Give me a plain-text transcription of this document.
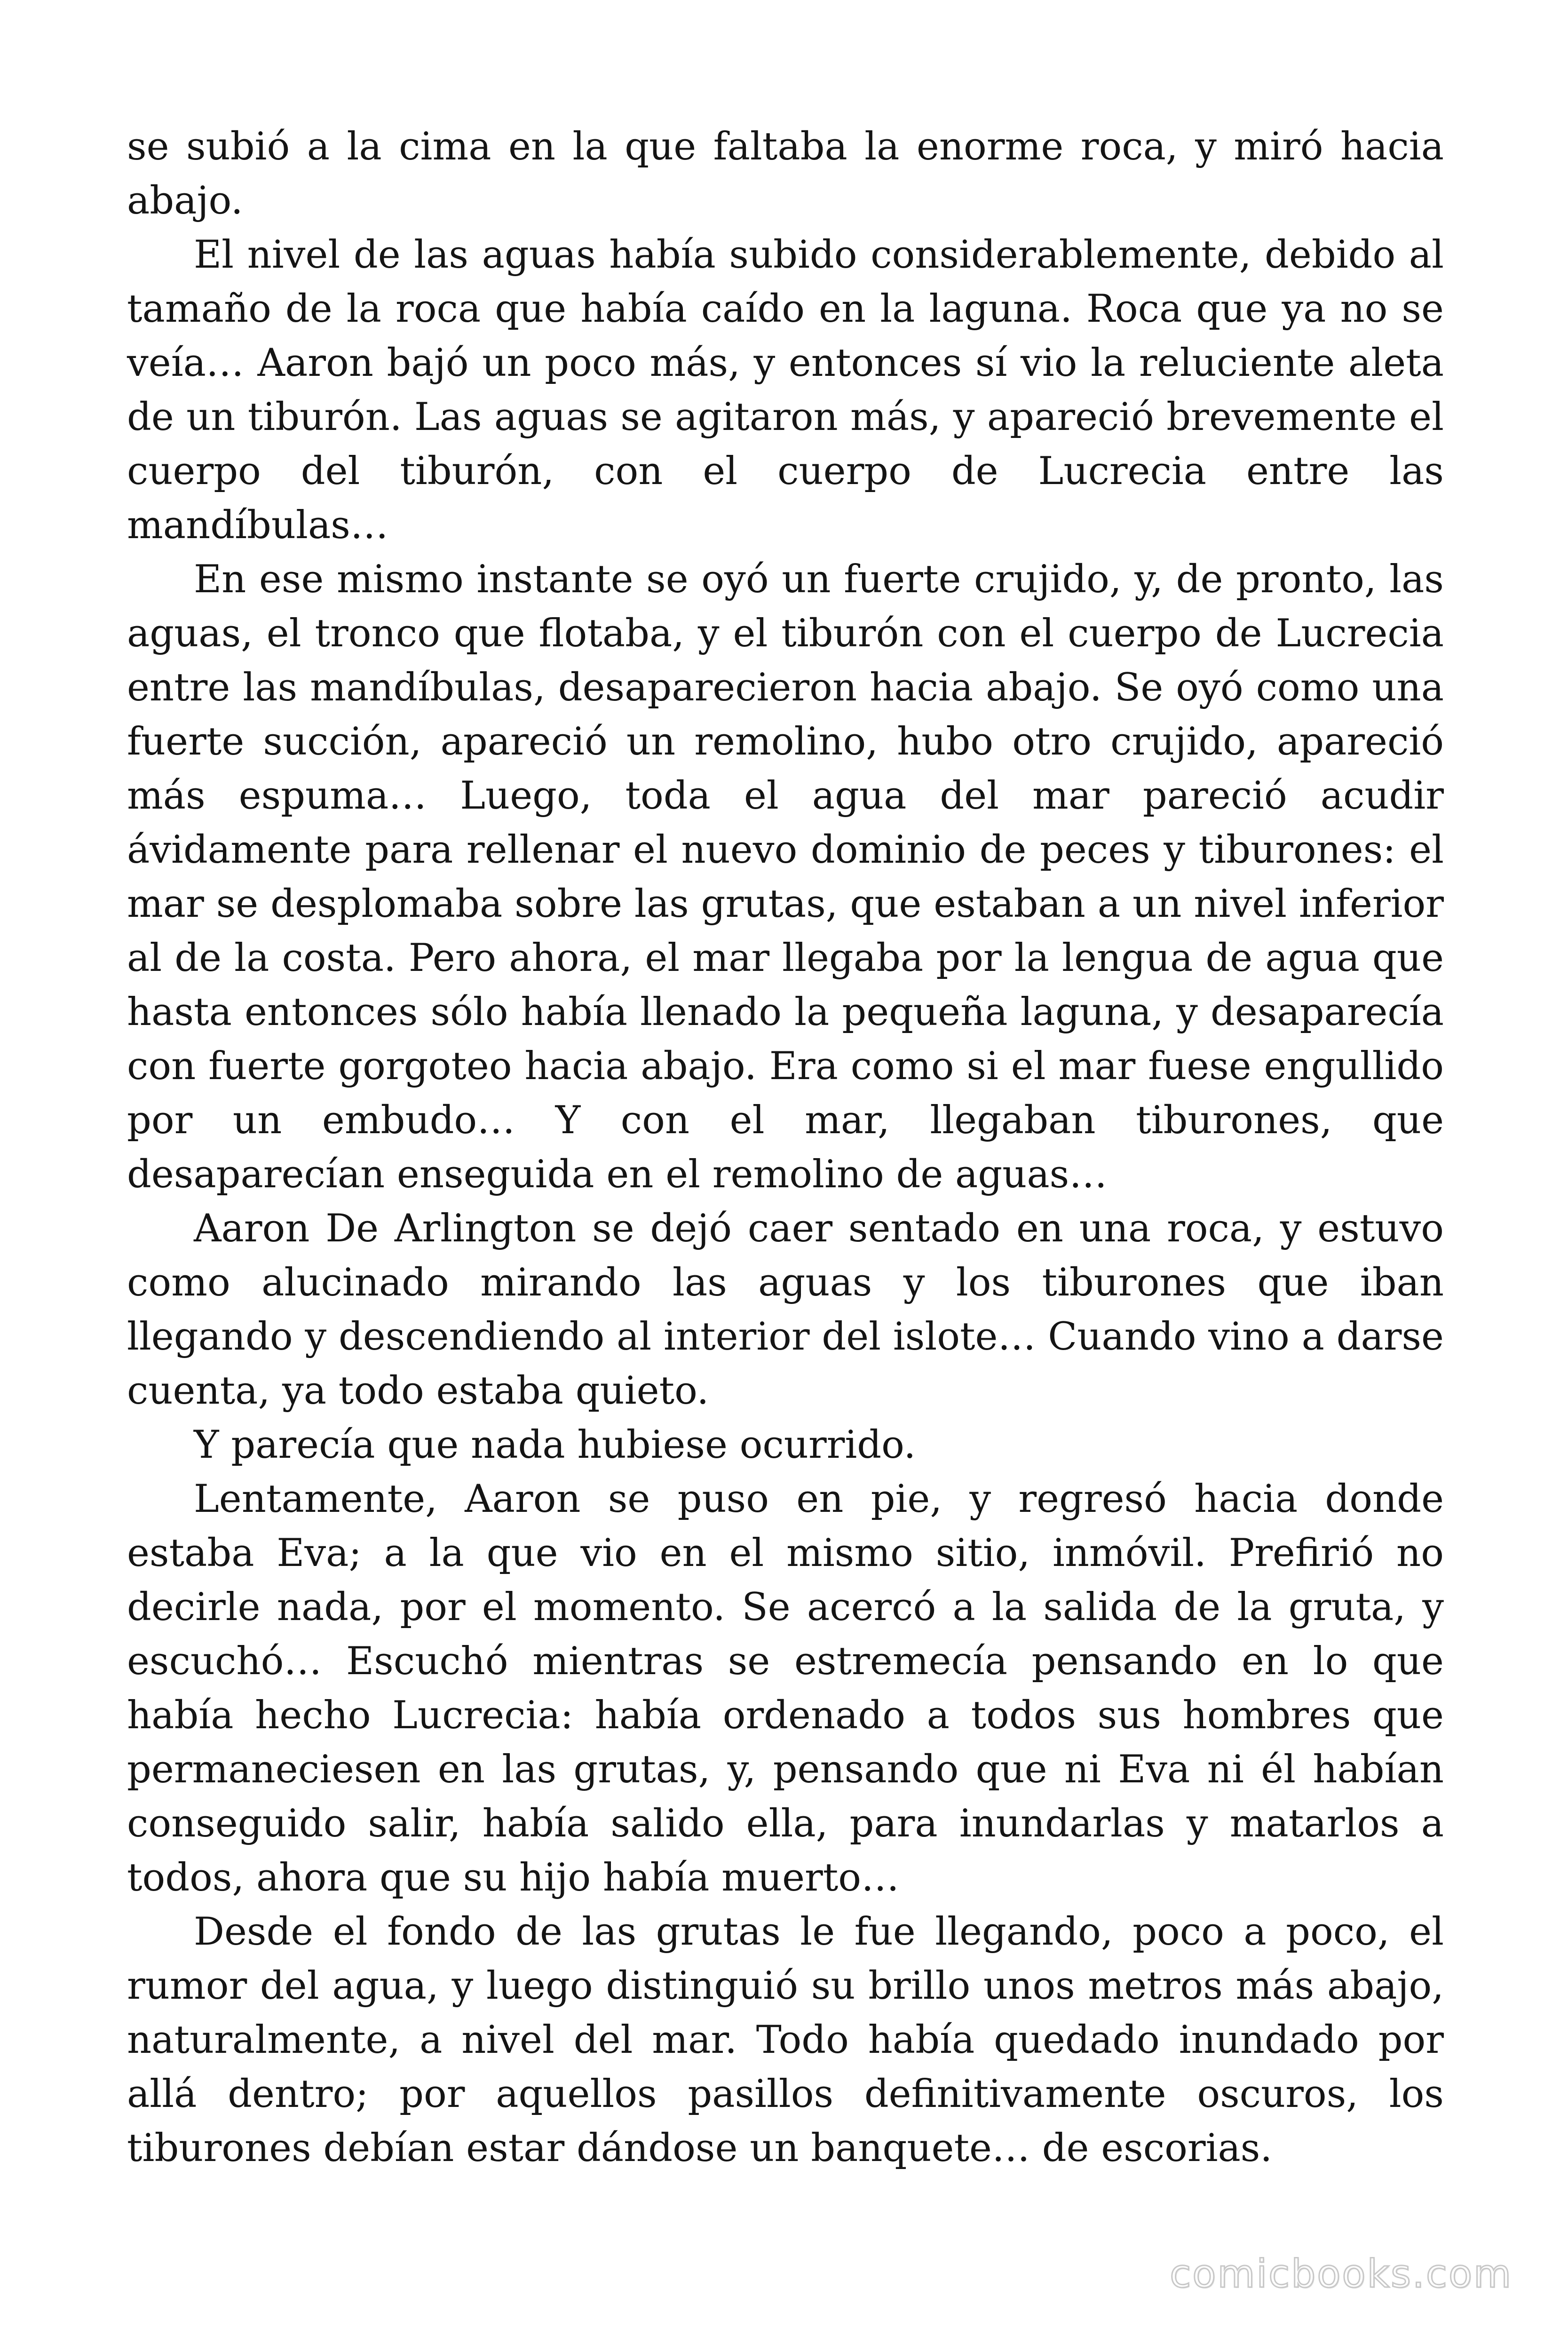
se subió a la cima en la que faltaba la enorme roca, y miró hacia abajo.

El nivel de las aguas había subido considerablemente, debido al tamaño de la roca que había caído en la laguna. Roca que ya no se veía… Aaron bajó un poco más, y entonces sí vio la reluciente aleta de un tiburón. Las aguas se agitaron más, y apareció brevemente el cuerpo del tiburón, con el cuerpo de Lucrecia entre las mandíbulas…

En ese mismo instante se oyó un fuerte crujido, y, de pronto, las aguas, el tronco que flotaba, y el tiburón con el cuerpo de Lucrecia entre las mandíbulas, desaparecieron hacia abajo. Se oyó como una fuerte succión, apareció un remolino, hubo otro crujido, apareció más espuma… Luego, toda el agua del mar pareció acudir ávidamente para rellenar el nuevo dominio de peces y tiburones: el mar se desplomaba sobre las grutas, que estaban a un nivel inferior al de la costa. Pero ahora, el mar llegaba por la lengua de agua que hasta entonces sólo había llenado la pequeña laguna, y desaparecía con fuerte gorgoteo hacia abajo. Era como si el mar fuese engullido por un embudo… Y con el mar, llegaban tiburones, que desaparecían enseguida en el remolino de aguas…

Aaron De Arlington se dejó caer sentado en una roca, y estuvo como alucinado mirando las aguas y los tiburones que iban llegando y descendiendo al interior del islote… Cuando vino a darse cuenta, ya todo estaba quieto.

Y parecía que nada hubiese ocurrido.

Lentamente, Aaron se puso en pie, y regresó hacia donde estaba Eva; a la que vio en el mismo sitio, inmóvil. Prefirió no decirle nada, por el momento. Se acercó a la salida de la gruta, y escuchó… Escuchó mientras se estremecía pensando en lo que había hecho Lucrecia: había ordenado a todos sus hombres que permaneciesen en las grutas, y, pensando que ni Eva ni él habían conseguido salir, había salido ella, para inundarlas y matarlos a todos, ahora que su hijo había muerto…

Desde el fondo de las grutas le fue llegando, poco a poco, el rumor del agua, y luego distinguió su brillo unos metros más abajo, naturalmente, a nivel del mar. Todo había quedado inundado por allá dentro; por aquellos pasillos definitivamente oscuros, los tiburones debían estar dándose un banquete… de escorias.

comicbooks.com
